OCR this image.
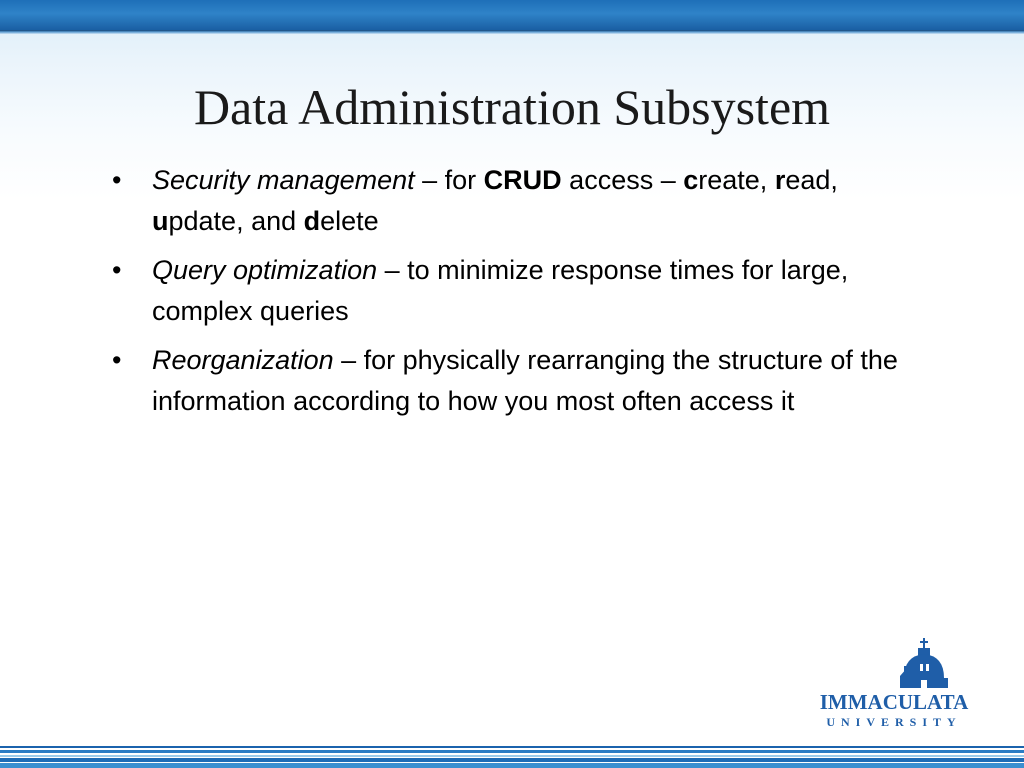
Data Administration Subsystem
•	Security management – for CRUD access – create, read, update, and delete
•	Query optimization – to minimize response times for large, complex queries
•	Reorganization – for physically rearranging the structure of the information according to how you most often access it
IMMACULATA
UNIVERSITY
